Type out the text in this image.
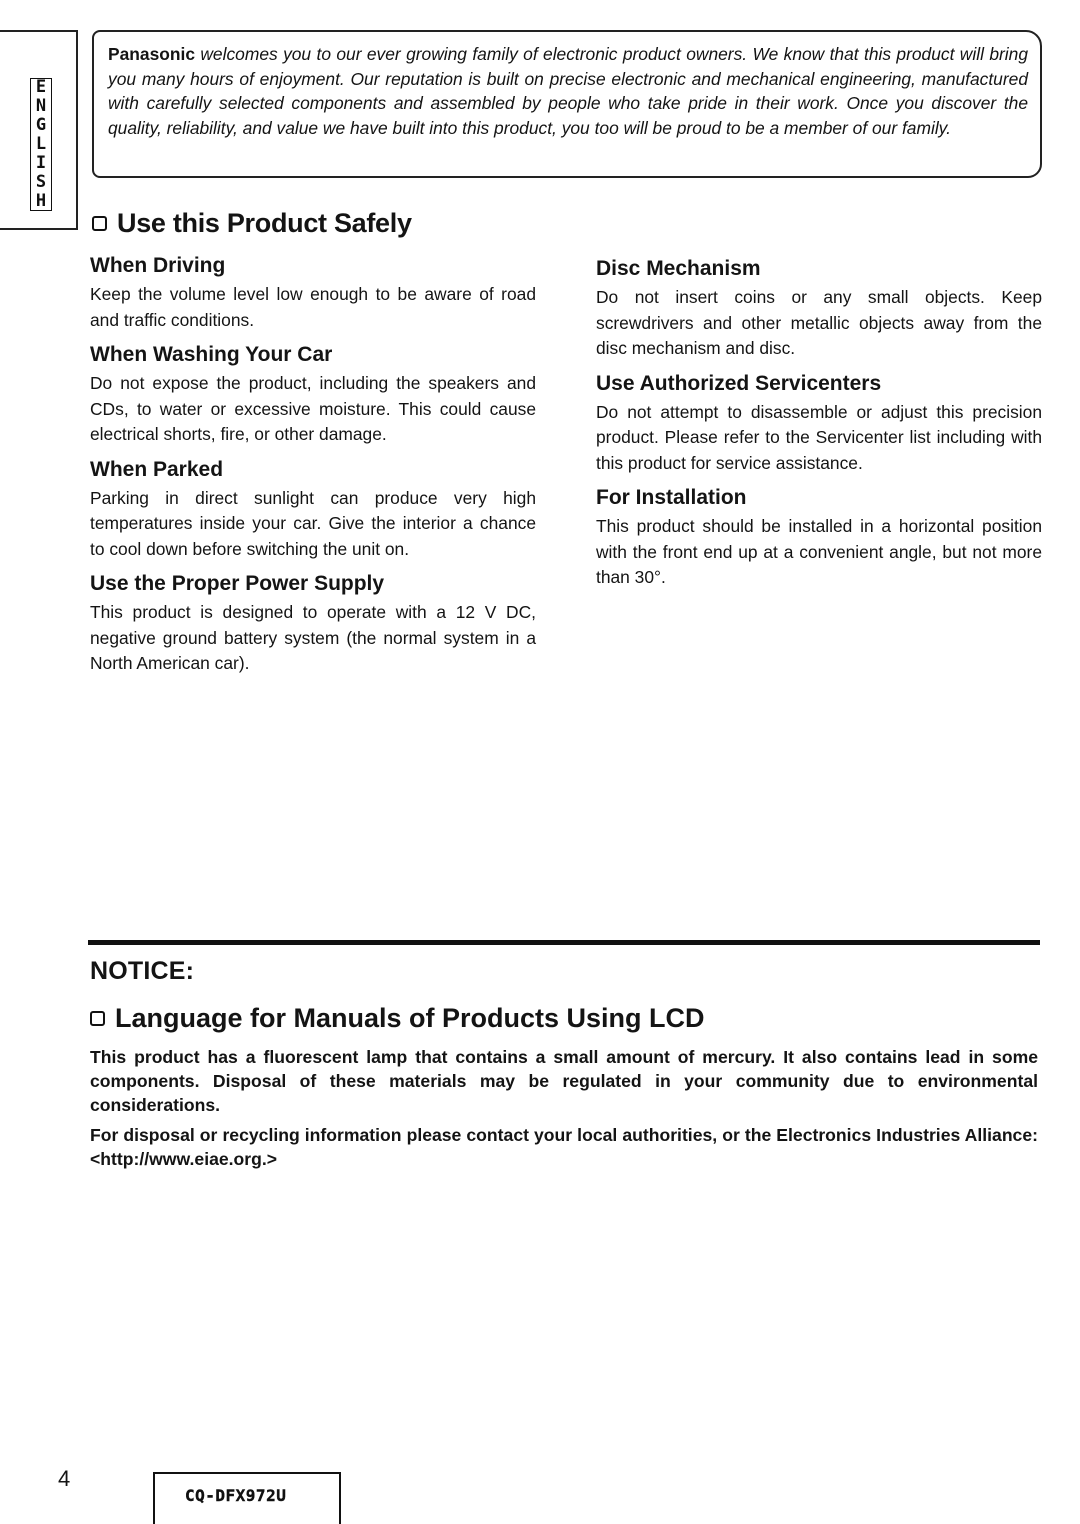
E
N
G
L
I
S
H
Panasonic welcomes you to our ever growing family of electronic product owners. We know that this product will bring you many hours of enjoyment. Our reputation is built on precise electronic and mechanical engineering, manufactured with carefully selected components and assembled by people who take pride in their work. Once you discover the quality, reliability, and value we have built into this product, you too will be proud to be a member of our family.
Use this Product Safely
When Driving

Keep the volume level low enough to be aware of road and traffic conditions.

When Washing Your Car

Do not expose the product, including the speakers and CDs, to water or excessive moisture. This could cause electrical shorts, fire, or other damage.

When Parked

Parking in direct sunlight can produce very high temperatures inside your car. Give the interior a chance to cool down before switching the unit on.

Use the Proper Power Supply

This product is designed to operate with a 12 V DC, negative ground battery system (the normal system in a North American car).

Disc Mechanism

Do not insert coins or any small objects. Keep screwdrivers and other metallic objects away from the disc mechanism and disc.

Use Authorized Servicenters

Do not attempt to disassemble or adjust this precision product. Please refer to the Servicenter list including with this product for service assistance.

For Installation

This product should be installed in a horizontal position with the front end up at a convenient angle, but not more than 30°.

NOTICE:
Language for Manuals of Products Using LCD

This product has a fluorescent lamp that contains a small amount of mercury. It also contains lead in some components. Disposal of these materials may be regulated in your community due to environmental considerations.

For disposal or recycling information please contact your local authorities, or the Electronics Industries Alliance: <http://www.eiae.org.>

4
CQ-DFX972U
